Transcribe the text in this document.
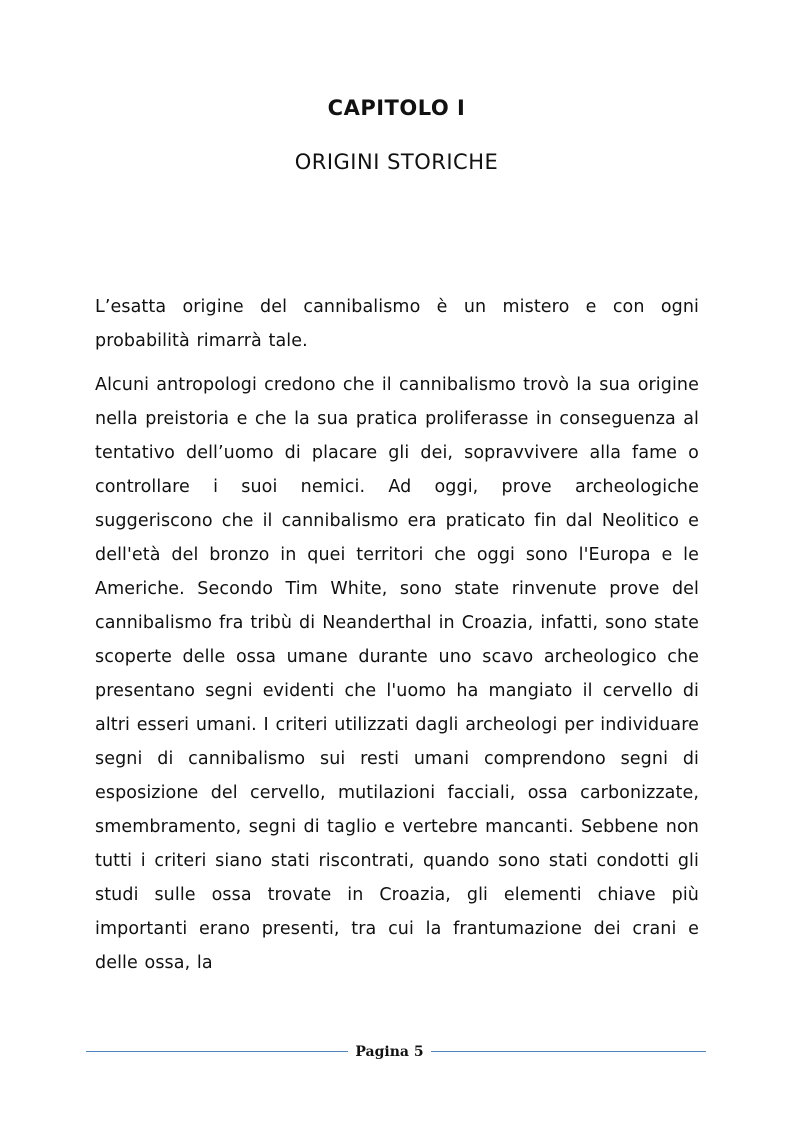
CAPITOLO I
ORIGINI STORICHE

L’esatta origine del cannibalismo è un mistero e con ogni probabilità rimarrà tale.

Alcuni antropologi credono che il cannibalismo trovò la sua origine nella preistoria e che la sua pratica proliferasse in conseguenza al tentativo dell’uomo di placare gli dei, sopravvivere alla fame o controllare i suoi nemici. Ad oggi, prove archeologiche suggeriscono che il cannibalismo era praticato fin dal Neolitico e dell'età del bronzo in quei territori che oggi sono l'Europa e le Americhe. Secondo Tim White, sono state rinvenute prove del cannibalismo fra tribù di Neanderthal in Croazia, infatti, sono state scoperte delle ossa umane durante uno scavo archeologico che presentano segni evidenti che l'uomo ha mangiato il cervello di altri esseri umani. I criteri utilizzati dagli archeologi per individuare segni di cannibalismo sui resti umani comprendono segni di esposizione del cervello, mutilazioni facciali, ossa carbonizzate, smembramento, segni di taglio e vertebre mancanti. Sebbene non tutti i criteri siano stati riscontrati, quando sono stati condotti gli studi sulle ossa trovate in Croazia, gli elementi chiave più importanti erano presenti, tra cui la frantumazione dei crani e delle ossa, la

Pagina 5
